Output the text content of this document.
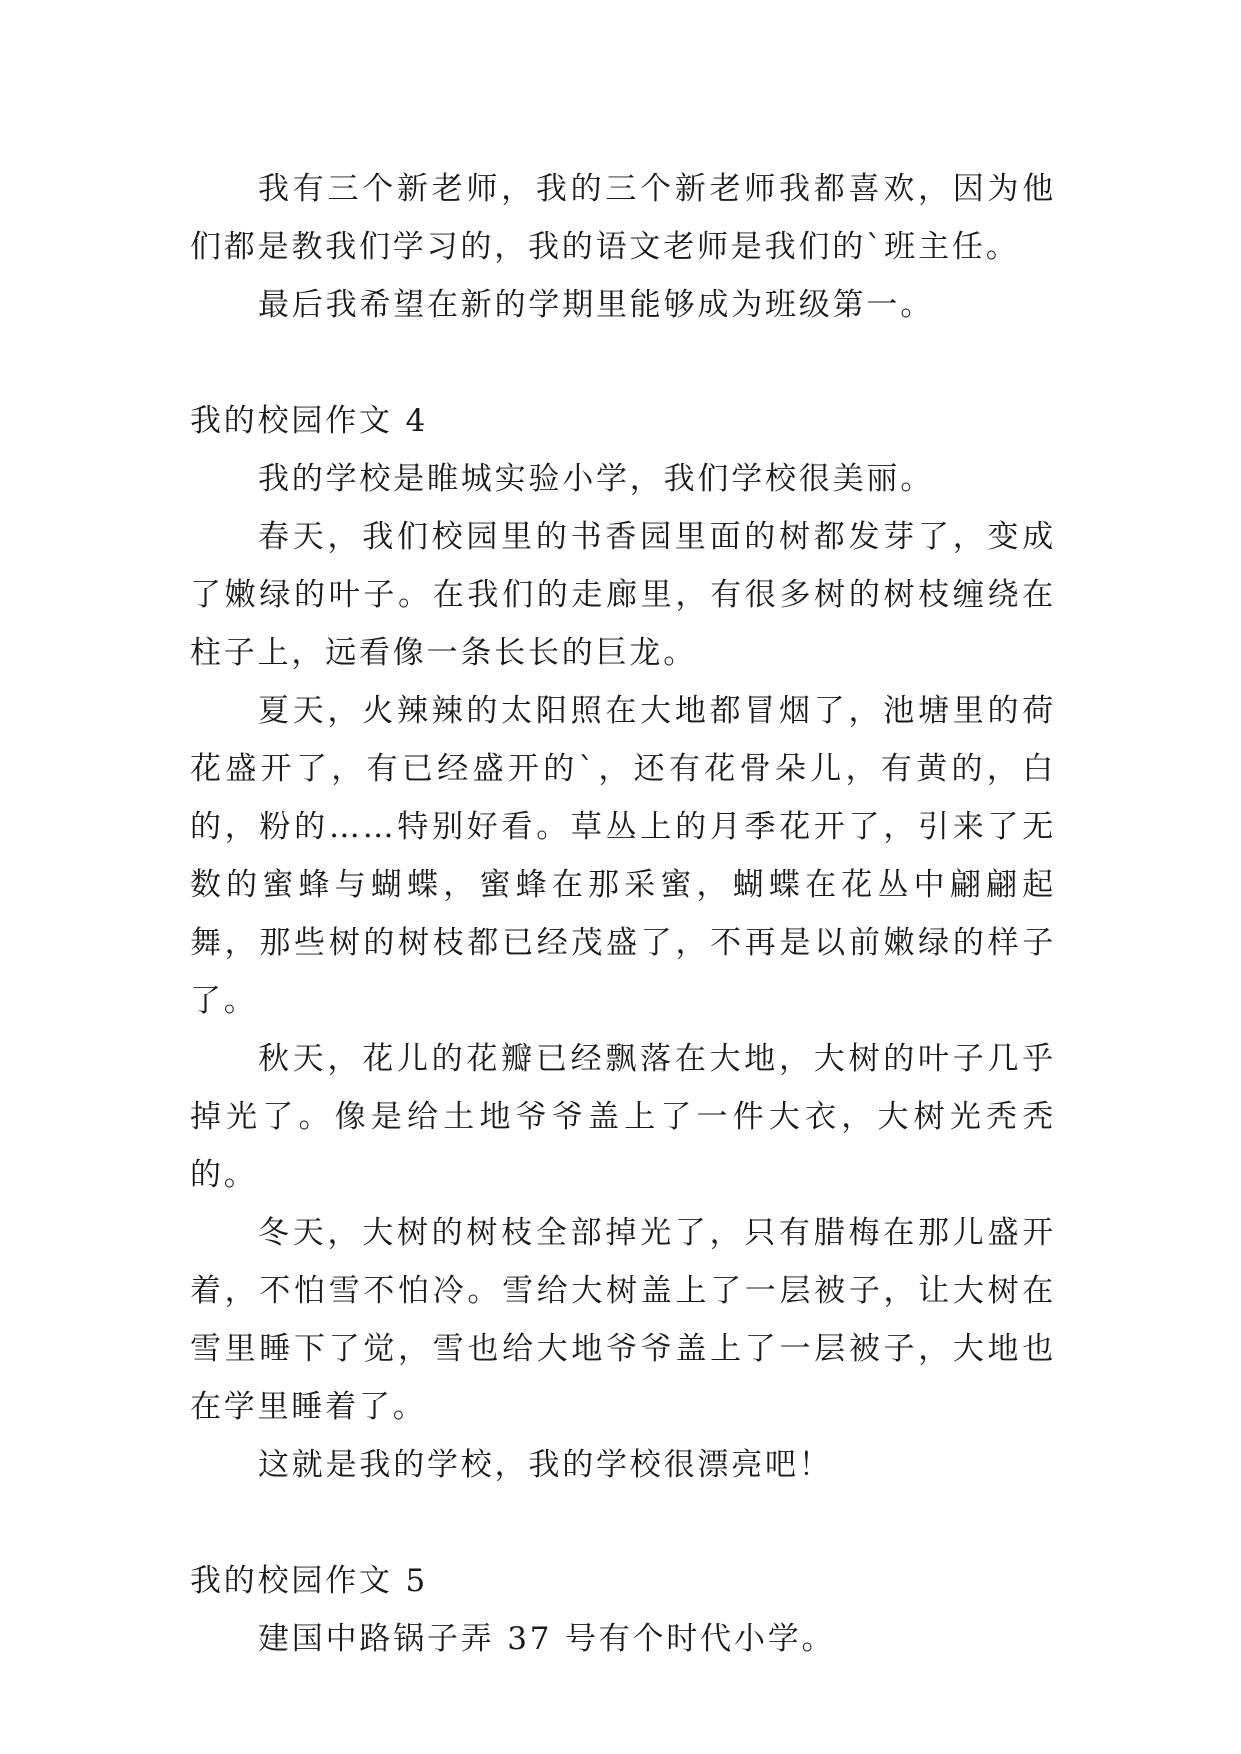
我有三个新老师，我的三个新老师我都喜欢，因为他们都是教我们学习的，我的语文老师是我们的`班主任。

最后我希望在新的学期里能够成为班级第一。

我的校园作文 4

我的学校是睢城实验小学，我们学校很美丽。

春天，我们校园里的书香园里面的树都发芽了，变成了嫩绿的叶子。在我们的走廊里，有很多树的树枝缠绕在柱子上，远看像一条长长的巨龙。

夏天，火辣辣的太阳照在大地都冒烟了，池塘里的荷花盛开了，有已经盛开的`，还有花骨朵儿，有黄的，白的，粉的……特别好看。草丛上的月季花开了，引来了无数的蜜蜂与蝴蝶，蜜蜂在那采蜜，蝴蝶在花丛中翩翩起舞，那些树的树枝都已经茂盛了，不再是以前嫩绿的样子了。

秋天，花儿的花瓣已经飘落在大地，大树的叶子几乎掉光了。像是给土地爷爷盖上了一件大衣，大树光秃秃的。

冬天，大树的树枝全部掉光了，只有腊梅在那儿盛开着，不怕雪不怕冷。雪给大树盖上了一层被子，让大树在雪里睡下了觉，雪也给大地爷爷盖上了一层被子，大地也在学里睡着了。

这就是我的学校，我的学校很漂亮吧！

我的校园作文 5

建国中路锅子弄 37 号有个时代小学。
